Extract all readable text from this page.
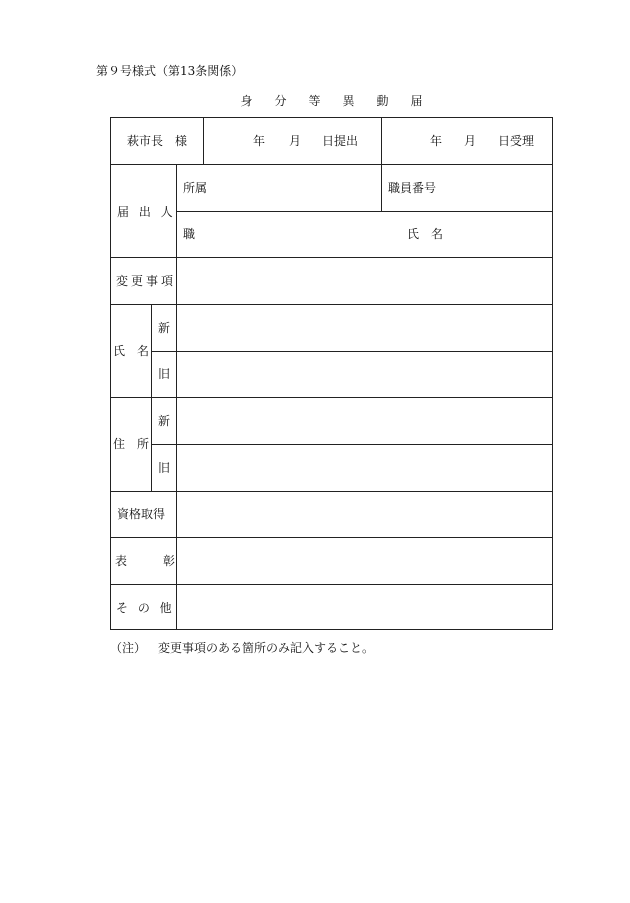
第９号様式（第13条関係）
身分等異動届
萩市長　様	年 月 日提出	年 月 日受理
届 出 人
所属	職員番号
職	氏　名
変更事項
氏　名
新
旧
住　所
新
旧
資格取得
表　　　彰
そ の 他
（注） 変更事項のある箇所のみ記入すること。
